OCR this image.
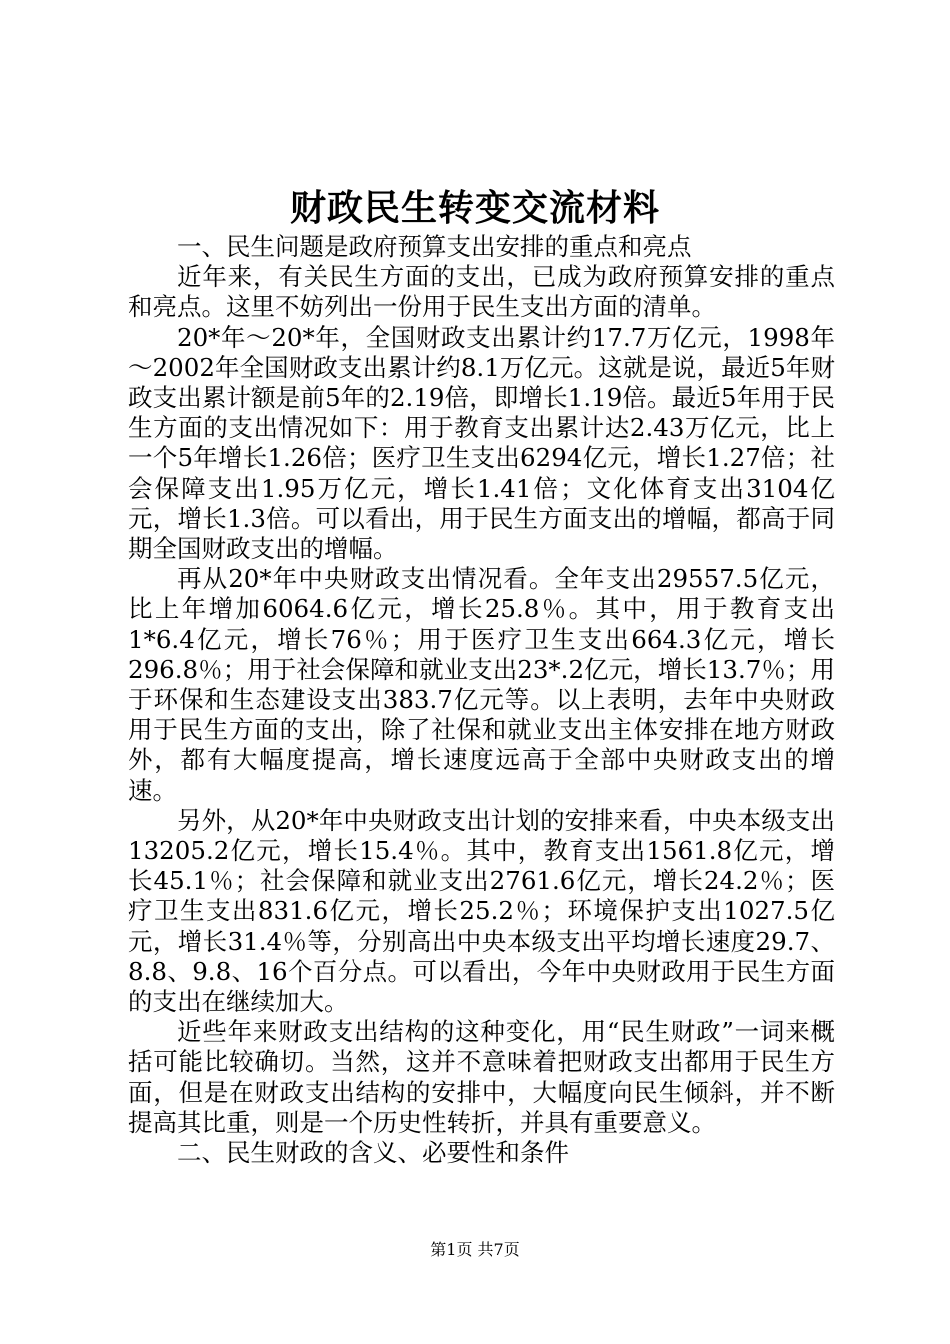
财政民生转变交流材料

一、民生问题是政府预算支出安排的重点和亮点

近年来，有关民生方面的支出，已成为政府预算安排的重点和亮点。这里不妨列出一份用于民生支出方面的清单。

20*年～20*年，全国财政支出累计约17.7万亿元，1998年～2002年全国财政支出累计约8.1万亿元。这就是说，最近5年财政支出累计额是前5年的2.19倍，即增长1.19倍。最近5年用于民生方面的支出情况如下：用于教育支出累计达2.43万亿元，比上一个5年增长1.26倍；医疗卫生支出6294亿元，增长1.27倍；社会保障支出1.95万亿元，增长1.41倍；文化体育支出3104亿元，增长1.3倍。可以看出，用于民生方面支出的增幅，都高于同期全国财政支出的增幅。

再从20*年中央财政支出情况看。全年支出29557.5亿元，比上年增加6064.6亿元，增长25.8％。其中，用于教育支出1*6.4亿元，增长76％；用于医疗卫生支出664.3亿元，增长296.8％；用于社会保障和就业支出23*.2亿元，增长13.7％；用于环保和生态建设支出383.7亿元等。以上表明，去年中央财政用于民生方面的支出，除了社保和就业支出主体安排在地方财政外，都有大幅度提高，增长速度远高于全部中央财政支出的增速。

另外，从20*年中央财政支出计划的安排来看，中央本级支出13205.2亿元，增长15.4％。其中，教育支出1561.8亿元，增长45.1％；社会保障和就业支出2761.6亿元，增长24.2％；医疗卫生支出831.6亿元，增长25.2％；环境保护支出1027.5亿元，增长31.4％等，分别高出中央本级支出平均增长速度29.7、8.8、9.8、16个百分点。可以看出，今年中央财政用于民生方面的支出在继续加大。

近些年来财政支出结构的这种变化，用“民生财政”一词来概括可能比较确切。当然，这并不意味着把财政支出都用于民生方面，但是在财政支出结构的安排中，大幅度向民生倾斜，并不断提高其比重，则是一个历史性转折，并具有重要意义。

二、民生财政的含义、必要性和条件

第1页 共7页
